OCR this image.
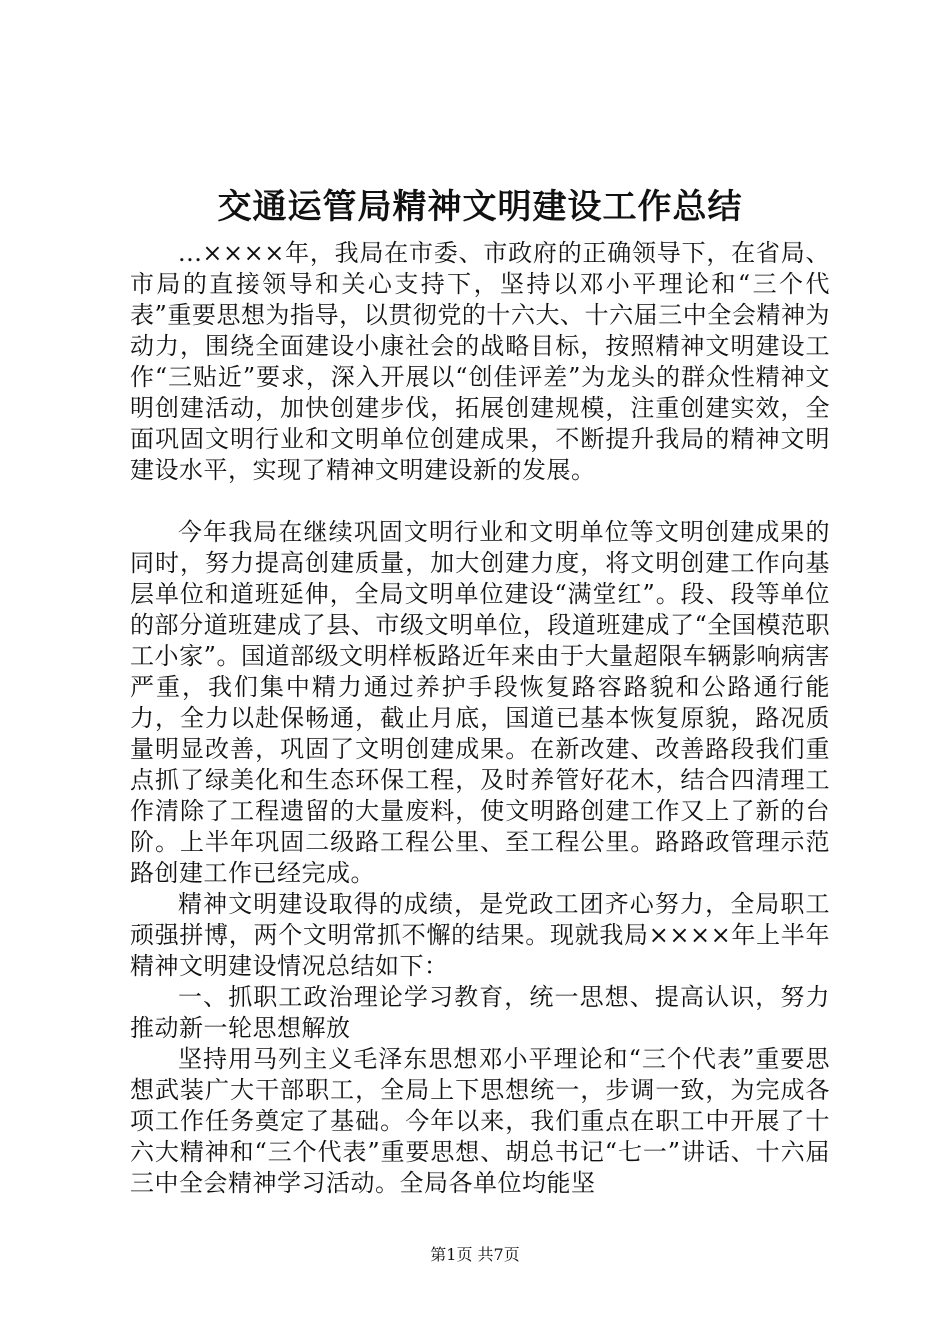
交通运管局精神文明建设工作总结

...××××年，我局在市委、市政府的正确领导下，在省局、市局的直接领导和关心支持下，坚持以邓小平理论和“三个代表”重要思想为指导，以贯彻党的十六大、十六届三中全会精神为动力，围绕全面建设小康社会的战略目标，按照精神文明建设工作“三贴近”要求，深入开展以“创佳评差”为龙头的群众性精神文明创建活动，加快创建步伐，拓展创建规模，注重创建实效，全面巩固文明行业和文明单位创建成果，不断提升我局的精神文明建设水平，实现了精神文明建设新的发展。

今年我局在继续巩固文明行业和文明单位等文明创建成果的同时，努力提高创建质量，加大创建力度，将文明创建工作向基层单位和道班延伸，全局文明单位建设“满堂红”。段、段等单位的部分道班建成了县、市级文明单位，段道班建成了“全国模范职工小家”。国道部级文明样板路近年来由于大量超限车辆影响病害严重，我们集中精力通过养护手段恢复路容路貌和公路通行能力，全力以赴保畅通，截止月底，国道已基本恢复原貌，路况质量明显改善，巩固了文明创建成果。在新改建、改善路段我们重点抓了绿美化和生态环保工程，及时养管好花木，结合四清理工作清除了工程遗留的大量废料，使文明路创建工作又上了新的台阶。上半年巩固二级路工程公里、至工程公里。路路政管理示范路创建工作已经完成。

精神文明建设取得的成绩，是党政工团齐心努力，全局职工顽强拼博，两个文明常抓不懈的结果。现就我局××××年上半年精神文明建设情况总结如下：

一、抓职工政治理论学习教育，统一思想、提高认识，努力推动新一轮思想解放

坚持用马列主义毛泽东思想邓小平理论和“三个代表”重要思想武装广大干部职工，全局上下思想统一，步调一致，为完成各项工作任务奠定了基础。今年以来，我们重点在职工中开展了十六大精神和“三个代表”重要思想、胡总书记“七一”讲话、十六届三中全会精神学习活动。全局各单位均能坚

第1页 共7页
